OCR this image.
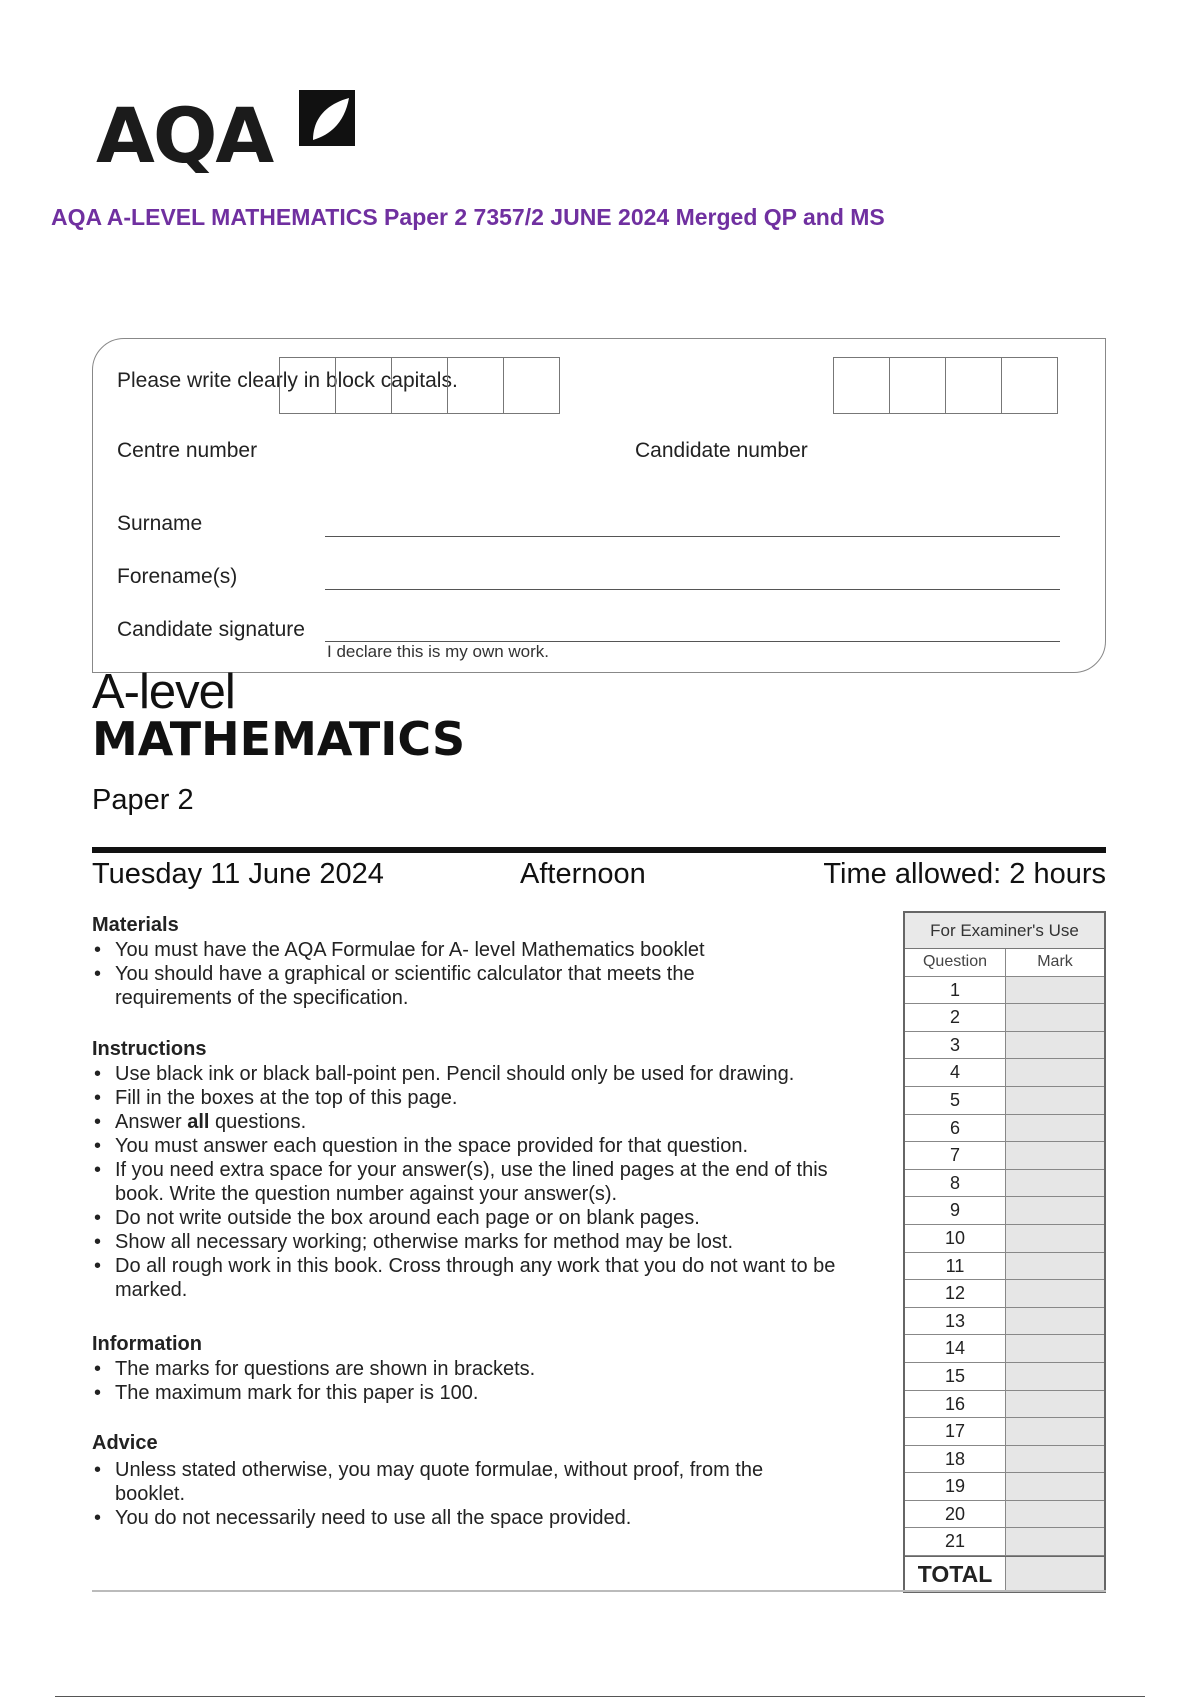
AQA
AQA A-LEVEL MATHEMATICS Paper 2 7357/2 JUNE 2024 Merged QP and MS
Please write clearly in block capitals.
Centre number	Candidate number
Surname
Forename(s)
Candidate signature
I declare this is my own work.
A-level
MATHEMATICS
Paper 2
Tuesday 11 June 2024	Afternoon	Time allowed: 2 hours
Materials
• You must have the AQA Formulae for A‑ level Mathematics booklet
• You should have a graphical or scientific calculator that meets the requirements of the specification.
Instructions
• Use black ink or black ball-point pen. Pencil should only be used for drawing.
• Fill in the boxes at the top of this page.
• Answer all questions.
• You must answer each question in the space provided for that question.
• If you need extra space for your answer(s), use the lined pages at the end of this book. Write the question number against your answer(s).
• Do not write outside the box around each page or on blank pages.
• Show all necessary working; otherwise marks for method may be lost.
• Do all rough work in this book. Cross through any work that you do not want to be marked.
Information
• The marks for questions are shown in brackets.
• The maximum mark for this paper is 100.
Advice
• Unless stated otherwise, you may quote formulae, without proof, from the booklet.
• You do not necessarily need to use all the space provided.
For Examiner's Use
Question	Mark
1
2
3
4
5
6
7
8
9
10
11
12
13
14
15
16
17
18
19
20
21
TOTAL
